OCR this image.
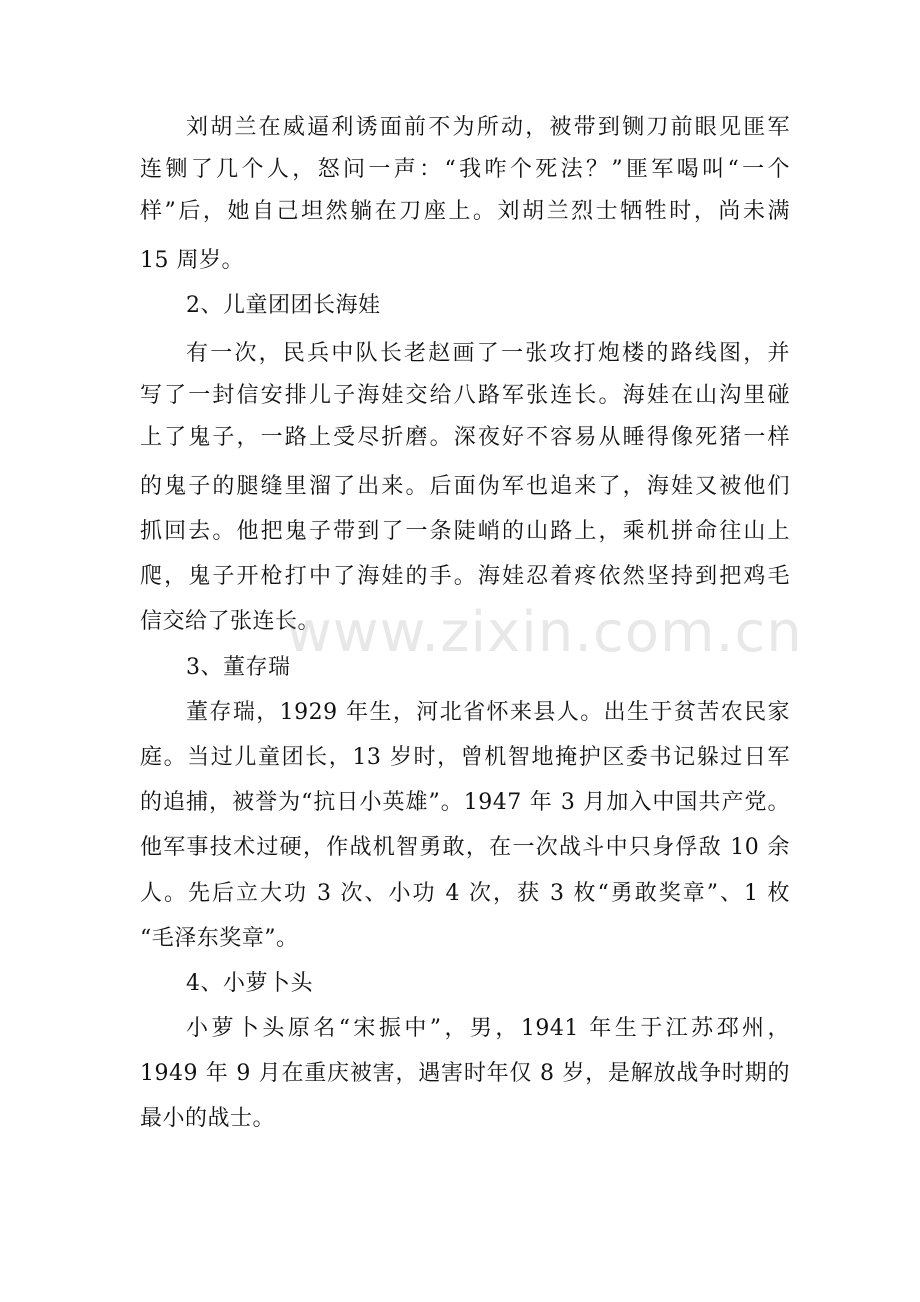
刘胡兰在威逼利诱面前不为所动，被带到铡刀前眼见匪军
连铡了几个人，怒问一声：“我咋个死法？”匪军喝叫“一个
样”后，她自己坦然躺在刀座上。刘胡兰烈士牺牲时，尚未满
15 周岁。
2、儿童团团长海娃
有一次，民兵中队长老赵画了一张攻打炮楼的路线图，并
写了一封信安排儿子海娃交给八路军张连长。海娃在山沟里碰
上了鬼子，一路上受尽折磨。深夜好不容易从睡得像死猪一样
的鬼子的腿缝里溜了出来。后面伪军也追来了，海娃又被他们
抓回去。他把鬼子带到了一条陡峭的山路上，乘机拼命往山上
爬，鬼子开枪打中了海娃的手。海娃忍着疼依然坚持到把鸡毛
信交给了张连长。
3、董存瑞
董存瑞，1929 年生，河北省怀来县人。出生于贫苦农民家
庭。当过儿童团长，13 岁时，曾机智地掩护区委书记躲过日军
的追捕，被誉为“抗日小英雄”。1947 年 3 月加入中国共产党。
他军事技术过硬，作战机智勇敢，在一次战斗中只身俘敌 10 余
人。先后立大功 3 次、小功 4 次，获 3 枚“勇敢奖章”、1 枚
“毛泽东奖章”。
4、小萝卜头
小萝卜头原名“宋振中”，男，1941 年生于江苏邳州，
1949 年 9 月在重庆被害，遇害时年仅 8 岁，是解放战争时期的
最小的战士。
www.zixin.com.cn
